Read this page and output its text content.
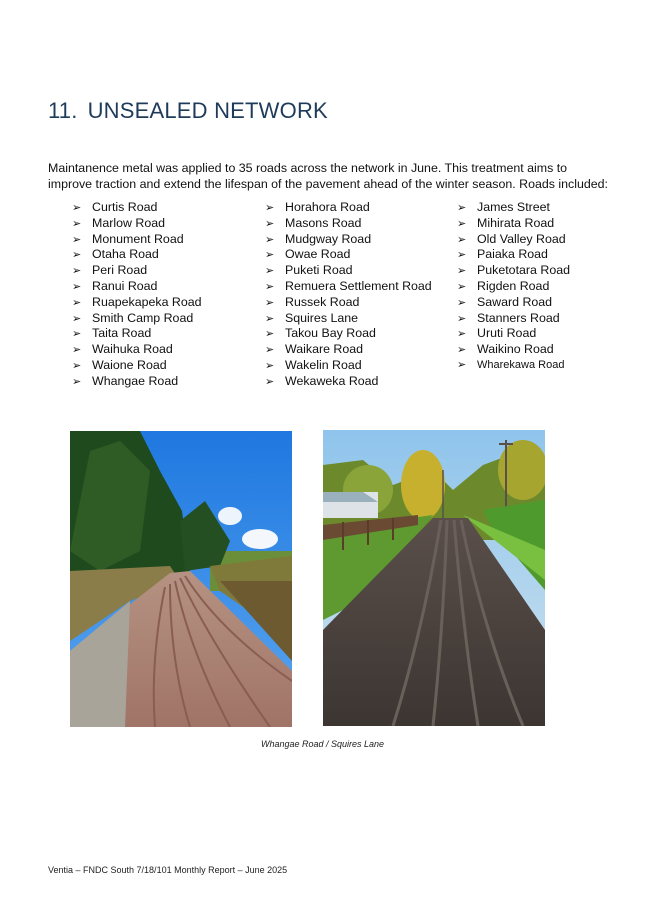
11. UNSEALED NETWORK

Maintanence metal was applied to 35 roads across the network in June. This treatment aims to improve traction and extend the lifespan of the pavement ahead of the winter season. Roads included:

➢ Curtis Road
➢ Marlow Road
➢ Monument Road
➢ Otaha Road
➢ Peri Road
➢ Ranui Road
➢ Ruapekapeka Road
➢ Smith Camp Road
➢ Taita Road
➢ Waihuka Road
➢ Waione Road
➢ Whangae Road
➢ Horahora Road
➢ Masons Road
➢ Mudgway Road
➢ Owae Road
➢ Puketi Road
➢ Remuera Settlement Road
➢ Russek Road
➢ Squires Lane
➢ Takou Bay Road
➢ Waikare Road
➢ Wakelin Road
➢ Wekaweka Road
➢ James Street
➢ Mihirata Road
➢ Old Valley Road
➢ Paiaka Road
➢ Puketotara Road
➢ Rigden Road
➢ Saward Road
➢ Stanners Road
➢ Uruti Road
➢ Waikino Road
➢ Wharekawa Road
Whangae Road / Squires Lane
Ventia – FNDC South 7/18/101 Monthly Report – June 2025
